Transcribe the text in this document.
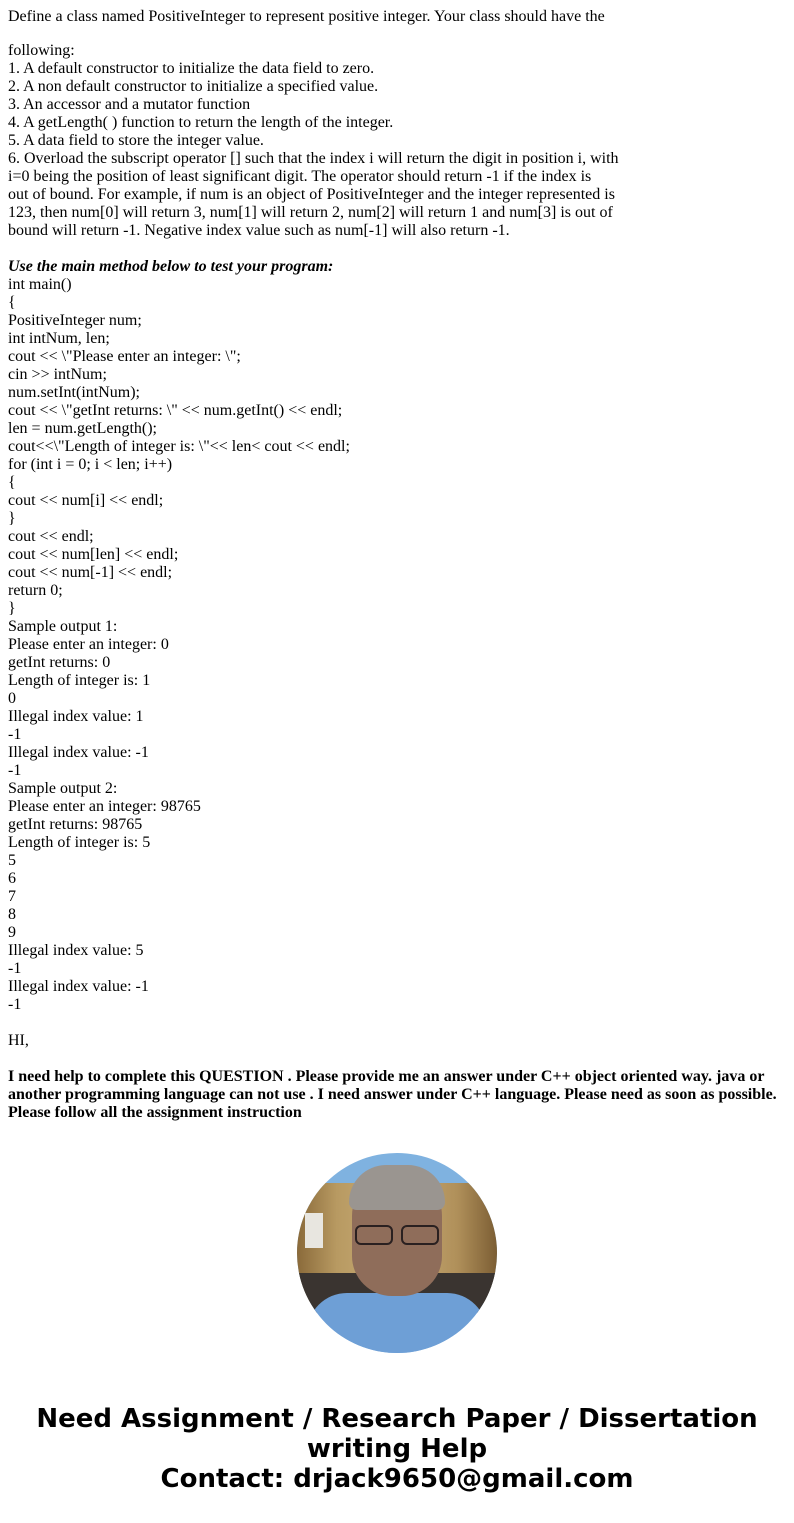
Define a class named PositiveInteger to represent positive integer. Your class should have the

following:
1. A default constructor to initialize the data field to zero.
2. A non default constructor to initialize a specified value.
3. An accessor and a mutator function
4. A getLength( ) function to return the length of the integer.
5. A data field to store the integer value.
6. Overload the subscript operator [] such that the index i will return the digit in position i, with
i=0 being the position of least significant digit. The operator should return -1 if the index is
out of bound. For example, if num is an object of PositiveInteger and the integer represented is
123, then num[0] will return 3, num[1] will return 2, num[2] will return 1 and num[3] is out of
bound will return -1. Negative index value such as num[-1] will also return -1.
Use the main method below to test your program:
int main()
{
PositiveInteger num;
int intNum, len;
cout << \"Please enter an integer: \";
cin >> intNum;
num.setInt(intNum);
cout << \"getInt returns: \" << num.getInt() << endl;
len = num.getLength();
cout<<\"Length of integer is: \"<< len< cout << endl;
for (int i = 0; i < len; i++)
{
cout << num[i] << endl;
}
cout << endl;
cout << num[len] << endl;
cout << num[-1] << endl;
return 0;
}
Sample output 1:
Please enter an integer: 0
getInt returns: 0
Length of integer is: 1
0
Illegal index value: 1
-1
Illegal index value: -1
-1
Sample output 2:
Please enter an integer: 98765
getInt returns: 98765
Length of integer is: 5
5
6
7
8
9
Illegal index value: 5
-1
Illegal index value: -1
-1
HI,

I need help to complete this QUESTION . Please provide me an answer under C++ object oriented way. java or another programming language can not use . I need answer under C++ language. Please need as soon as possible. Please follow all the assignment instruction

Need Assignment / Research Paper / Dissertation
writing Help
Contact: drjack9650@gmail.com
